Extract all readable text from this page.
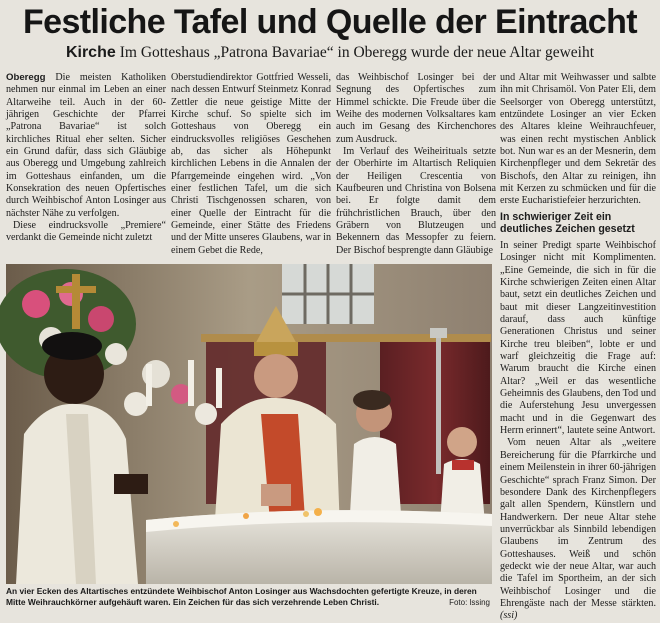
Festliche Tafel und Quelle der Eintracht
Kirche Im Gotteshaus „Patrona Bavariae“ in Oberegg wurde der neue Altar geweiht

Oberegg Die meisten Katholiken nehmen nur einmal im Leben an einer Altarweihe teil. Auch in der 60-jährigen Geschichte der Pfarrei „Patrona Bavariae“ ist solch kirchliches Ritual eher selten. Sicher ein Grund dafür, dass sich Gläubige aus Oberegg und Umgebung zahlreich im Gotteshaus einfanden, um die Konsekration des neuen Opfertisches durch Weihbischof Anton Losinger aus nächster Nähe zu verfolgen.

Diese eindrucksvolle „Premiere“ verdankt die Gemeinde nicht zuletzt

Oberstudiendirektor Gottfried Wesseli, nach dessen Entwurf Steinmetz Konrad Zettler die neue geistige Mitte der Kirche schuf. So spielte sich im Gotteshaus von Oberegg ein eindrucksvolles religiöses Geschehen ab, das sicher als Höhepunkt kirchlichen Lebens in die Annalen der Pfarrgemeinde eingehen wird. „Von einer festlichen Tafel, um die sich Christi Tischgenossen scharen, von einer Quelle der Eintracht für die Gemeinde, einer Stätte des Friedens und der Mitte unseres Glaubens, war in einem Gebet die Rede,

das Weihbischof Losinger bei der Segnung des Opfertisches zum Himmel schickte. Die Freude über die Weihe des modernen Volksaltares kam auch im Gesang des Kirchenchores zum Ausdruck.

Im Verlauf des Weiheirituals setzte der Oberhirte im Altartisch Reliquien der Heiligen Crescentia von Kaufbeuren und Christina von Bolsena bei. Er folgte damit dem frühchristlichen Brauch, über den Gräbern von Blutzeugen und Bekennern das Messopfer zu feiern. Der Bischof besprengte dann Gläubige

und Altar mit Weihwasser und salbte ihn mit Chrisamöl. Von Pater Eli, dem Seelsorger von Oberegg unterstützt, entzündete Losinger an vier Ecken des Altares kleine Weihrauchfeuer, was einen recht mystischen Anblick bot. Nun war es an der Mesnerin, dem Kirchenpfleger und dem Sekretär des Bischofs, den Altar zu reinigen, ihn mit Kerzen zu schmücken und für die erste Eucharistiefeier herzurichten.

In schwieriger Zeit ein deutliches Zeichen gesetzt

In seiner Predigt sparte Weihbischof Losinger nicht mit Komplimenten. „Eine Gemeinde, die sich in für die Kirche schwierigen Zeiten einen Altar baut, setzt ein deutliches Zeichen und baut mit dieser Langzeitinvestition darauf, dass auch künftige Generationen Christus und seiner Kirche treu bleiben“, lobte er und warf gleichzeitig die Frage auf: Warum braucht die Kirche einen Altar? „Weil er das wesentliche Geheimnis des Glaubens, den Tod und die Auferstehung Jesu unvergessen macht und in die Gegenwart des Herrn erinnert“, lautete seine Antwort.

Vom neuen Altar als „weitere Bereicherung für die Pfarrkirche und einem Meilenstein in ihrer 60-jährigen Geschichte“ sprach Franz Simon. Der besondere Dank des Kirchenpflegers galt allen Spendern, Künstlern und Handwerkern. Der neue Altar stehe unverrückbar als Sinnbild lebendigen Glaubens im Zentrum des Gotteshauses. Weiß und schön gedeckt wie der neue Altar, war auch die Tafel im Sportheim, an der sich Weihbischof Losinger und die Ehrengäste nach der Messe stärkten. (ssi)

An vier Ecken des Altartisches entzündete Weihbischof Anton Losinger aus Wachsdochten gefertigte Kreuze, in deren Mitte Weihrauchkörner aufgehäuft waren. Ein Zeichen für das sich verzehrende Leben Christi.	Foto: lssing
